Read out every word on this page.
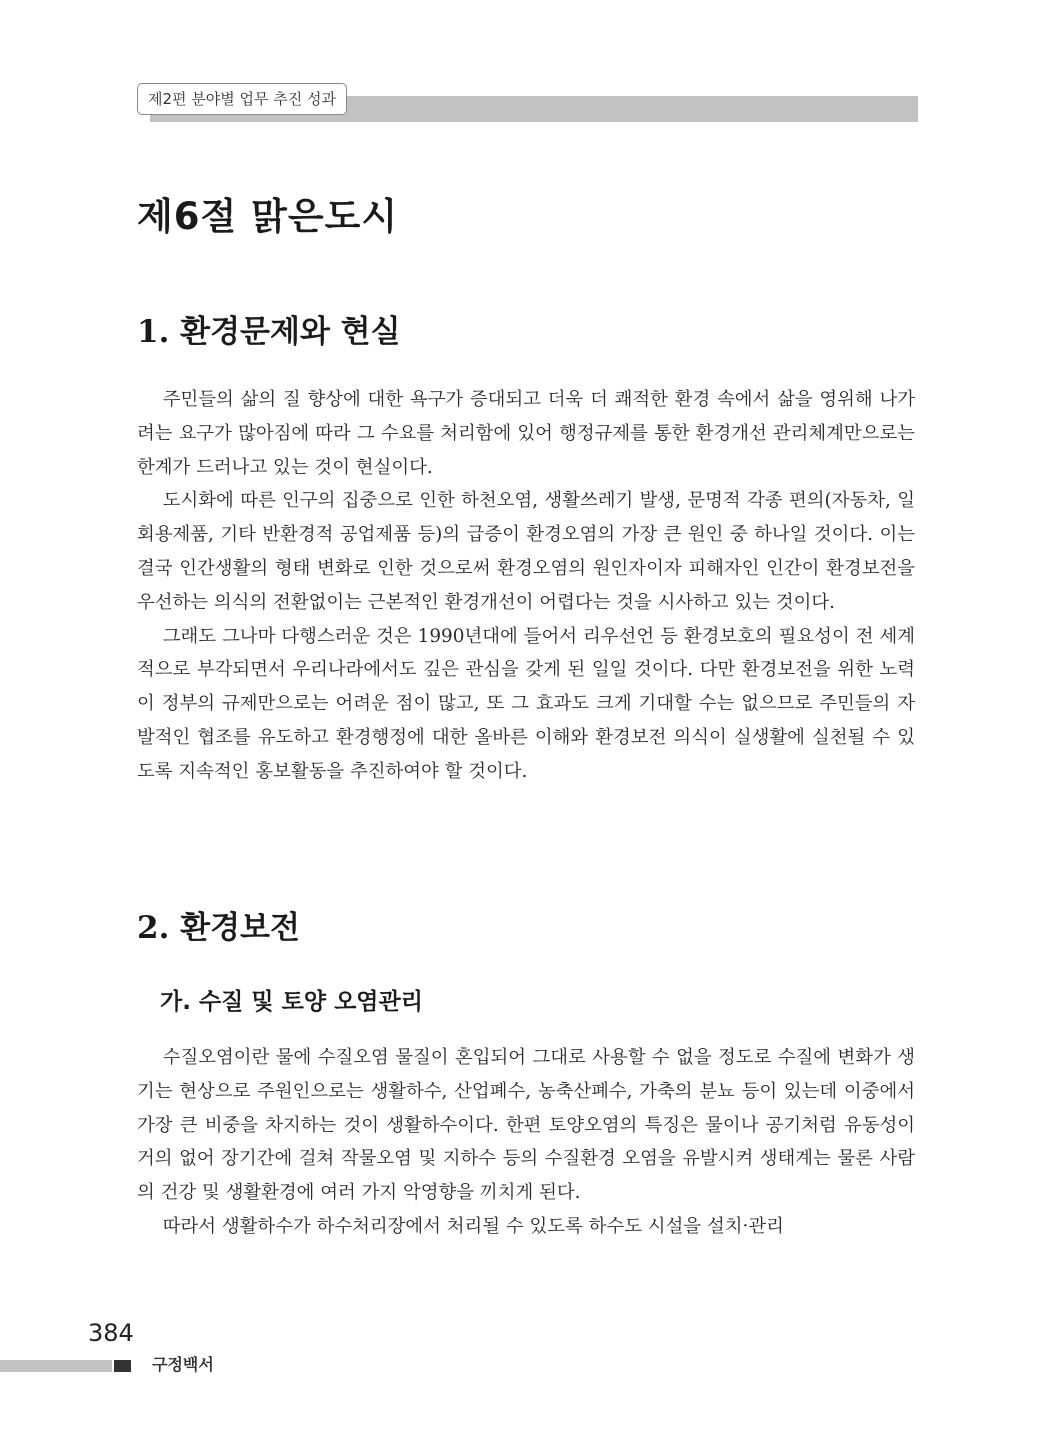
제2편 분야별 업무 추진 성과
제6절 맑은도시
1. 환경문제와 현실

주민들의 삶의 질 향상에 대한 욕구가 증대되고 더욱 더 쾌적한 환경 속에서 삶을 영위해 나가려는 요구가 많아짐에 따라 그 수요를 처리함에 있어 행정규제를 통한 환경개선 관리체계만으로는 한계가 드러나고 있는 것이 현실이다.

도시화에 따른 인구의 집중으로 인한 하천오염, 생활쓰레기 발생, 문명적 각종 편의(자동차, 일회용제품, 기타 반환경적 공업제품 등)의 급증이 환경오염의 가장 큰 원인 중 하나일 것이다. 이는 결국 인간생활의 형태 변화로 인한 것으로써 환경오염의 원인자이자 피해자인 인간이 환경보전을 우선하는 의식의 전환없이는 근본적인 환경개선이 어렵다는 것을 시사하고 있는 것이다.

그래도 그나마 다행스러운 것은 1990년대에 들어서 리우선언 등 환경보호의 필요성이 전 세계적으로 부각되면서 우리나라에서도 깊은 관심을 갖게 된 일일 것이다. 다만 환경보전을 위한 노력이 정부의 규제만으로는 어려운 점이 많고, 또 그 효과도 크게 기대할 수는 없으므로 주민들의 자발적인 협조를 유도하고 환경행정에 대한 올바른 이해와 환경보전 의식이 실생활에 실천될 수 있도록 지속적인 홍보활동을 추진하여야 할 것이다.

2. 환경보전
가. 수질 및 토양 오염관리

수질오염이란 물에 수질오염 물질이 혼입되어 그대로 사용할 수 없을 정도로 수질에 변화가 생기는 현상으로 주원인으로는 생활하수, 산업폐수, 농축산폐수, 가축의 분뇨 등이 있는데 이중에서 가장 큰 비중을 차지하는 것이 생활하수이다. 한편 토양오염의 특징은 물이나 공기처럼 유동성이 거의 없어 장기간에 걸쳐 작물오염 및 지하수 등의 수질환경 오염을 유발시켜 생태계는 물론 사람의 건강 및 생활환경에 여러 가지 악영향을 끼치게 된다.

따라서 생활하수가 하수처리장에서 처리될 수 있도록 하수도 시설을 설치·관리

384
구정백서
